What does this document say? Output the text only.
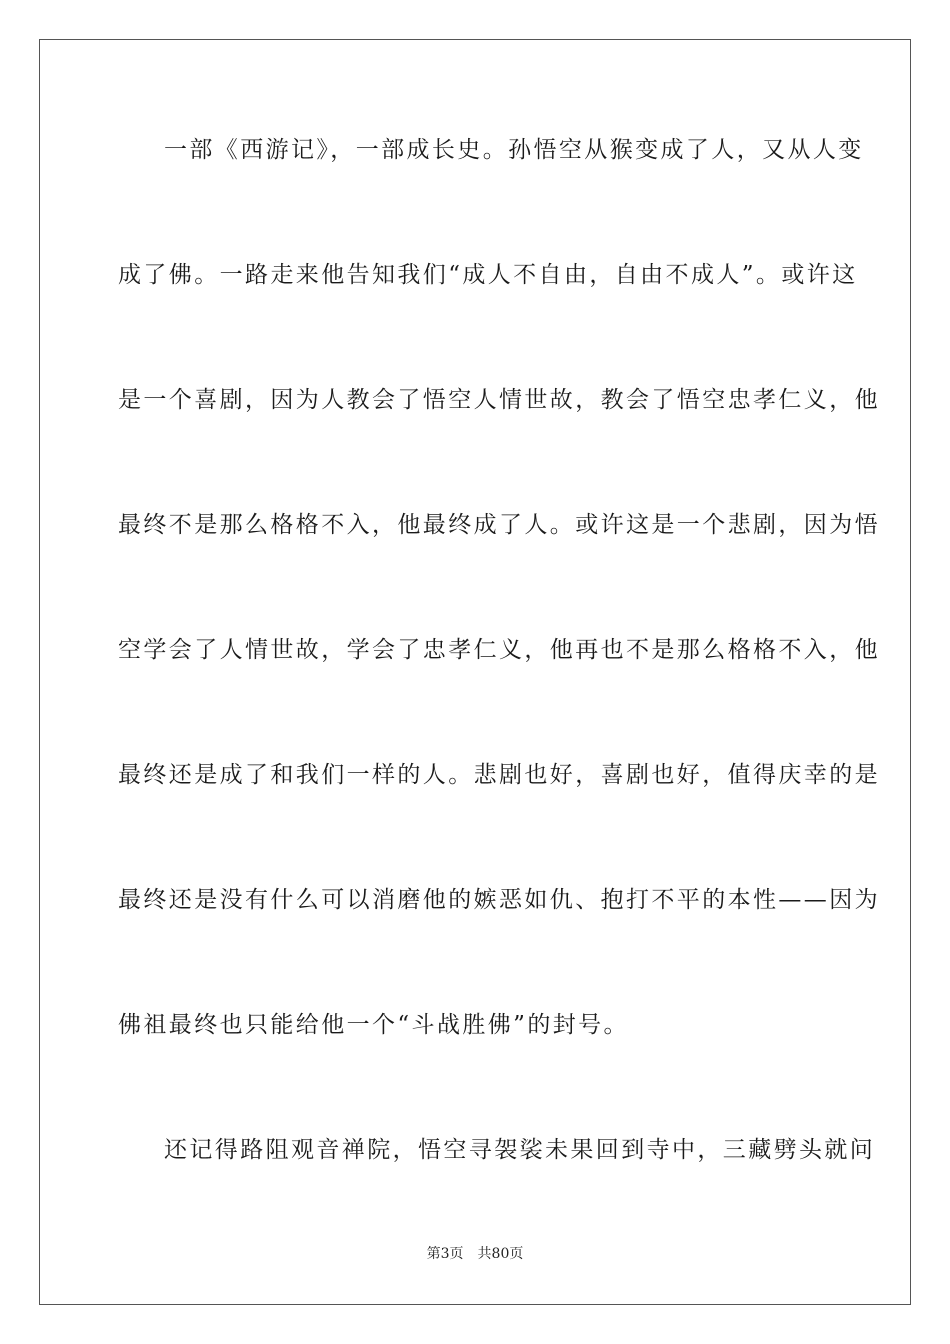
一部《西游记》，一部成长史。孙悟空从猴变成了人，又从人变
成了佛。一路走来他告知我们“成人不自由，自由不成人”。或许这
是一个喜剧，因为人教会了悟空人情世故，教会了悟空忠孝仁义，他
最终不是那么格格不入，他最终成了人。或许这是一个悲剧，因为悟
空学会了人情世故，学会了忠孝仁义，他再也不是那么格格不入，他
最终还是成了和我们一样的人。悲剧也好，喜剧也好，值得庆幸的是
最终还是没有什么可以消磨他的嫉恶如仇、抱打不平的本性——因为
佛祖最终也只能给他一个“斗战胜佛”的封号。
还记得路阻观音禅院，悟空寻袈裟未果回到寺中，三藏劈头就问
第3页 共80页
